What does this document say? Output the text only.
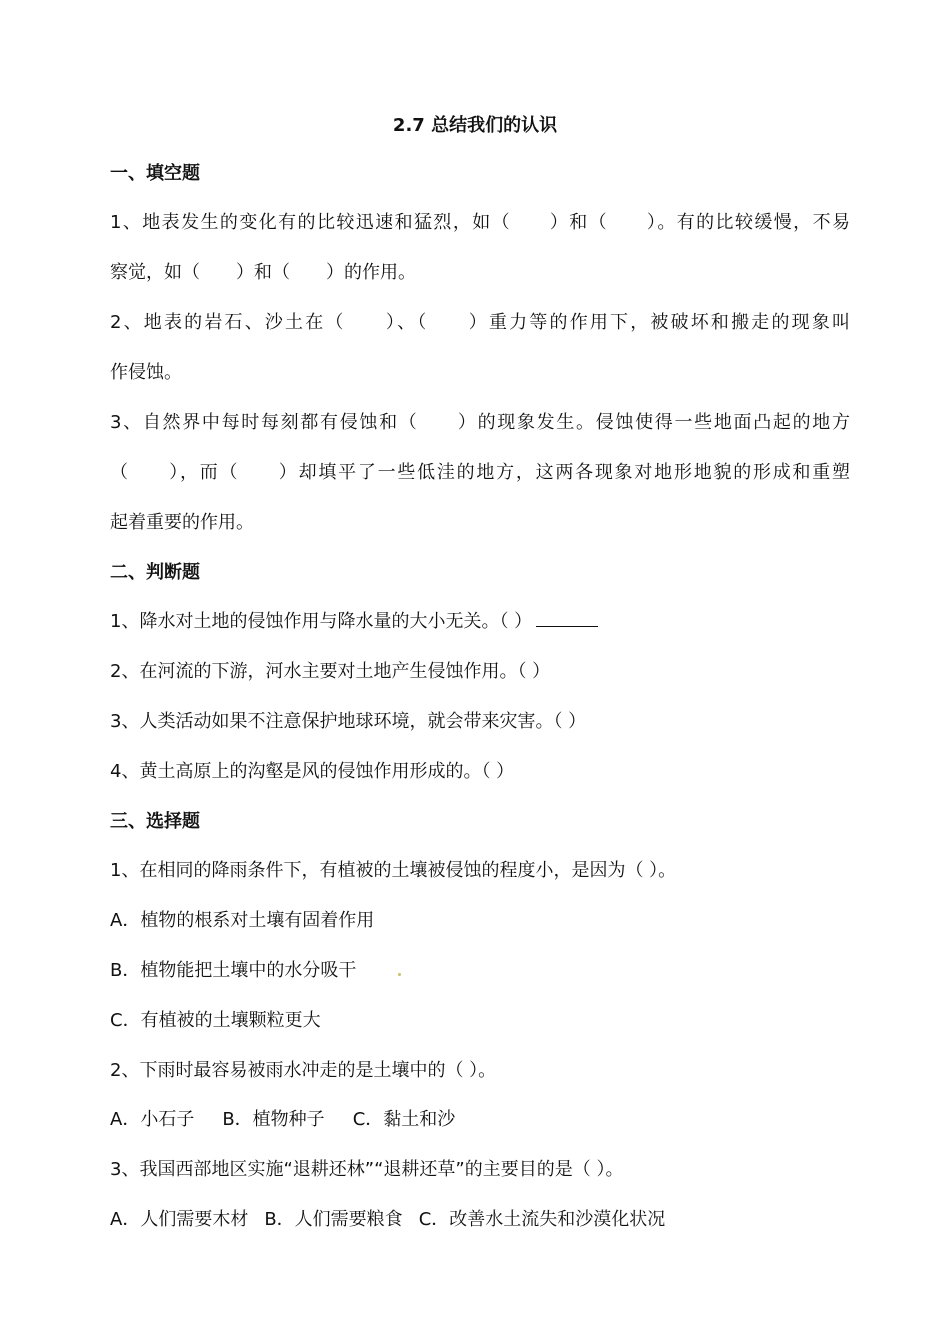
2.7 总结我们的认识
一、填空题
1、地表发生的变化有的比较迅速和猛烈，如（　　）和（　　）。有的比较缓慢，不易
察觉，如（　　）和（　　）的作用。
2、地表的岩石、沙土在（　　）、（　　）重力等的作用下，被破坏和搬走的现象叫
作侵蚀。
3、自然界中每时每刻都有侵蚀和（　　）的现象发生。侵蚀使得一些地面凸起的地方
（　　），而（　　）却填平了一些低洼的地方，这两各现象对地形地貌的形成和重塑
起着重要的作用。
二、判断题
1、降水对土地的侵蚀作用与降水量的大小无关。（ ）
2、在河流的下游，河水主要对土地产生侵蚀作用。（ ）
3、人类活动如果不注意保护地球环境，就会带来灾害。（ ）
4、黄土高原上的沟壑是风的侵蚀作用形成的。（ ）
三、选择题
1、在相同的降雨条件下，有植被的土壤被侵蚀的程度小，是因为（ ）。
A．植物的根系对土壤有固着作用
B．植物能把土壤中的水分吸干
C．有植被的土壤颗粒更大
2、下雨时最容易被雨水冲走的是土壤中的（ ）。
A．小石子 B．植物种子 C．黏土和沙
3、我国西部地区实施“退耕还林”“退耕还草”的主要目的是（ ）。
A．人们需要木材 B．人们需要粮食 C．改善水土流失和沙漠化状况
